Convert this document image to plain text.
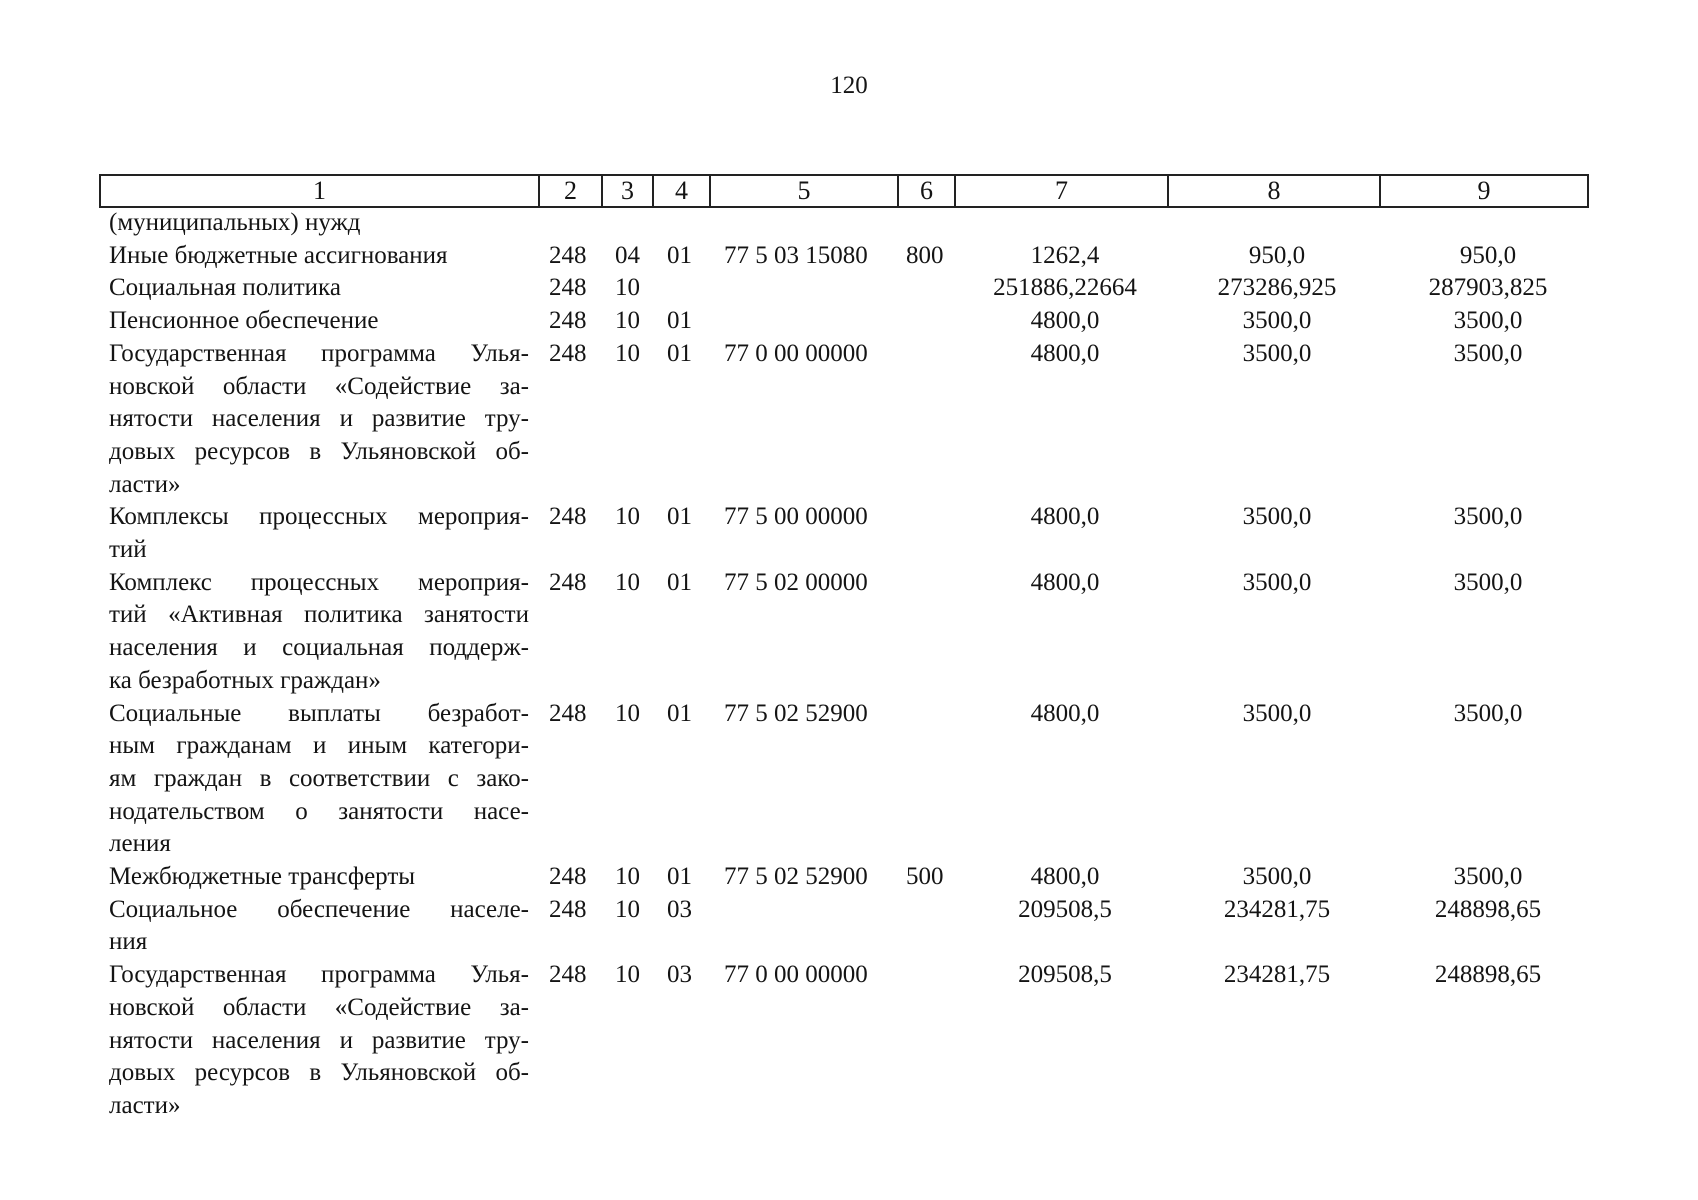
120
1	2	3	4	5	6	7	8	9
(муниципальных) нужд
Иные бюджетные ассигнования	248 04 01 77 5 03 15080 800	1262,4	950,0	950,0
Социальная политика	248 10	251886,22664	273286,925	287903,825
Пенсионное обеспечение	248 10 01	4800,0	3500,0	3500,0
Государственная программа Улья-
новской области «Содействие за-
нятости населения и развитие тру-
довых ресурсов в Ульяновской об-
ласти»
248 10 01 77 0 00 00000	4800,0	3500,0	3500,0
Комплексы процессных мероприя-
тий
248 10 01 77 5 00 00000	4800,0	3500,0	3500,0
Комплекс процессных мероприя-
тий «Активная политика занятости
населения и социальная поддерж-
ка безработных граждан»
248 10 01 77 5 02 00000	4800,0	3500,0	3500,0
Социальные выплаты безработ-
ным гражданам и иным категори-
ям граждан в соответствии с зако-
нодательством о занятости насе-
ления
248 10 01 77 5 02 52900	4800,0	3500,0	3500,0
Межбюджетные трансферты	248 10 01 77 5 02 52900 500	4800,0	3500,0	3500,0
Социальное обеспечение населе-
ния
248 10 03	209508,5	234281,75	248898,65
Государственная программа Улья-
новской области «Содействие за-
нятости населения и развитие тру-
довых ресурсов в Ульяновской об-
ласти»
248 10 03 77 0 00 00000	209508,5	234281,75	248898,65
